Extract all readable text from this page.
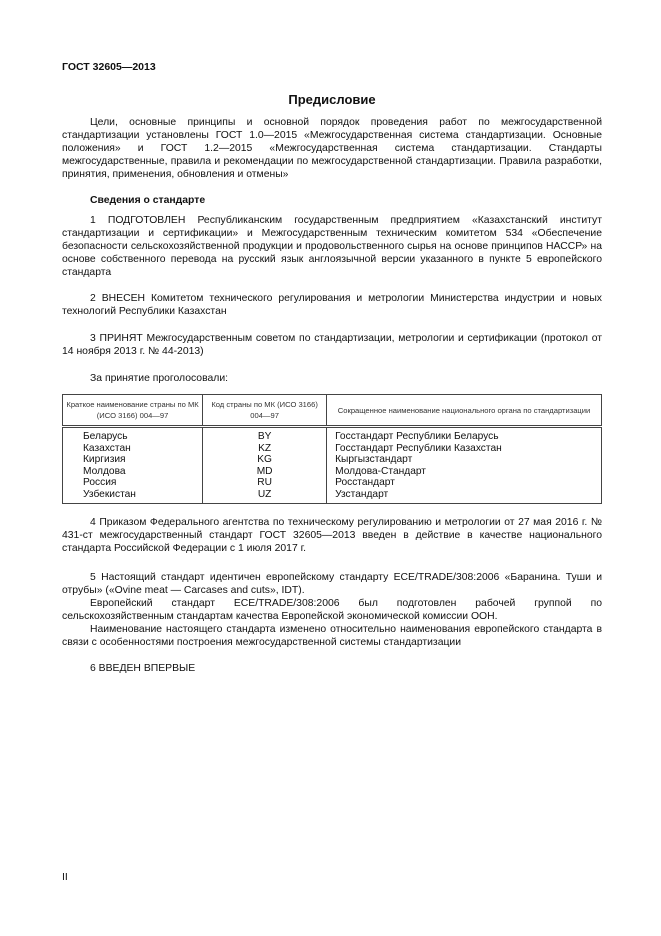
ГОСТ 32605—2013
Предисловие

Цели, основные принципы и основной порядок проведения работ по межгосударственной стандартизации установлены ГОСТ 1.0—2015 «Межгосударственная система стандартизации. Основные положения» и ГОСТ 1.2—2015 «Межгосударственная система стандартизации. Стандарты межгосударственные, правила и рекомендации по межгосударственной стандартизации. Правила разработки, принятия, применения, обновления и отмены»

Сведения о стандарте

1 ПОДГОТОВЛЕН Республиканским государственным предприятием «Казахстанский институт стандартизации и сертификации» и Межгосударственным техническим комитетом 534 «Обеспечение безопасности сельскохозяйственной продукции и продовольственного сырья на основе принципов НАССР» на основе собственного перевода на русский язык англоязычной версии указанного в пункте 5 европейского стандарта

2 ВНЕСЕН Комитетом технического регулирования и метрологии Министерства индустрии и новых технологий Республики Казахстан

3 ПРИНЯТ Межгосударственным советом по стандартизации, метрологии и сертификации (протокол от 14 ноября 2013 г. № 44-2013)

За принятие проголосовали:

Краткое наименование страны по МК (ИСО 3166) 004—97	Код страны по МК (ИСО 3166) 004—97	Сокращенное наименование национального органа по стандартизации
Беларусь	BY	Госстандарт Республики Беларусь
Казахстан	KZ	Госстандарт Республики Казахстан
Киргизия	KG	Кыргызстандарт
Молдова	MD	Молдова-Стандарт
Россия	RU	Росстандарт
Узбекистан	UZ	Узстандарт

4 Приказом Федерального агентства по техническому регулированию и метрологии от 27 мая 2016 г. № 431-ст межгосударственный стандарт ГОСТ 32605—2013 введен в действие в качестве национального стандарта Российской Федерации с 1 июля 2017 г.

5 Настоящий стандарт идентичен европейскому стандарту ECE/TRADE/308:2006 «Баранина. Туши и отрубы» («Ovine meat — Carcases and cuts», IDT).

Европейский стандарт ECE/TRADE/308:2006 был подготовлен рабочей группой по сельскохозяйственным стандартам качества Европейской экономической комиссии ООН.

Наименование настоящего стандарта изменено относительно наименования европейского стандарта в связи с особенностями построения межгосударственной системы стандартизации

6 ВВЕДЕН ВПЕРВЫЕ

II
